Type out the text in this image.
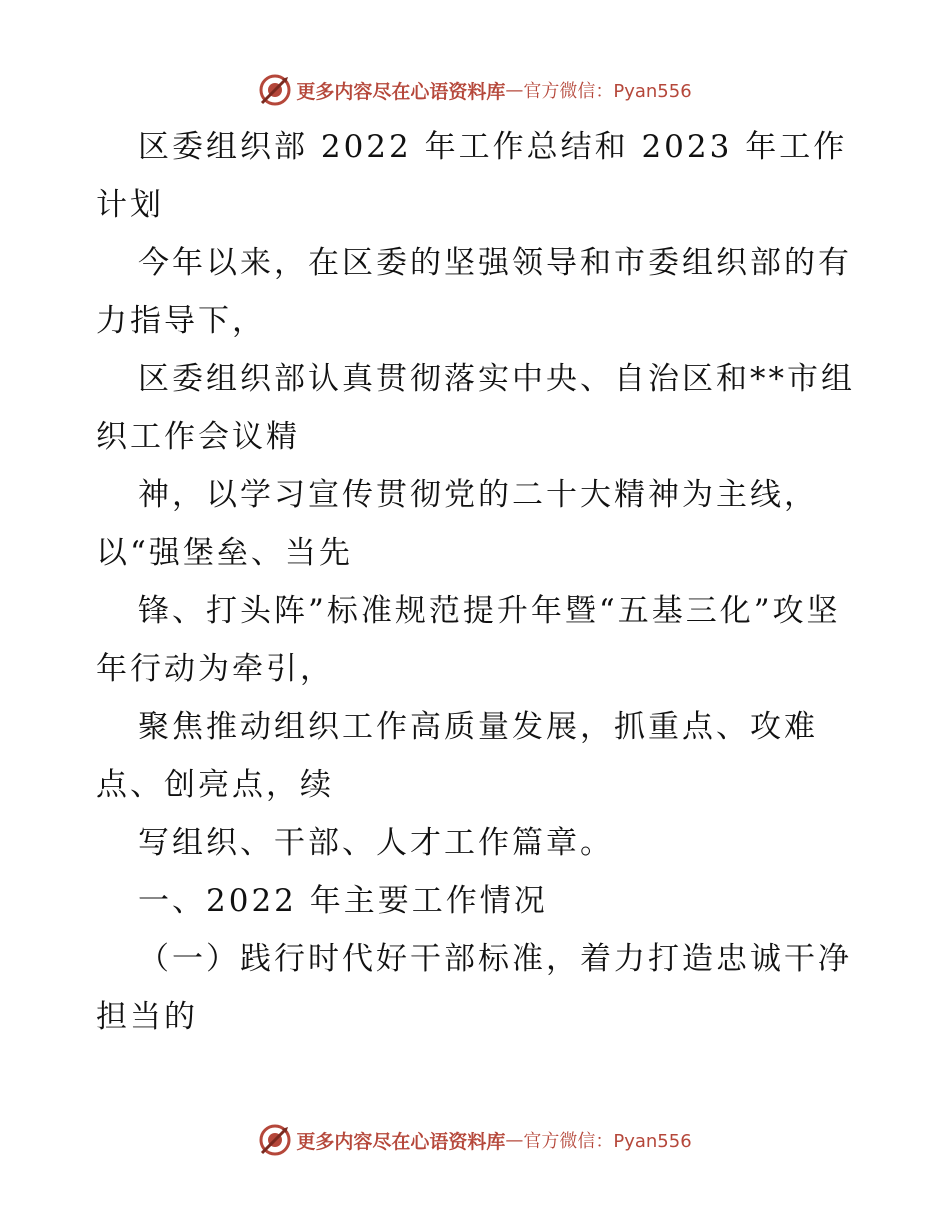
更多内容尽在心语资料库 — 官方微信：Pyan556

区委组织部 2022 年工作总结和 2023 年工作计划

今年以来，在区委的坚强领导和市委组织部的有力指导下，

区委组织部认真贯彻落实中央、自治区和**市组织工作会议精

神，以学习宣传贯彻党的二十大精神为主线，以“强堡垒、当先

锋、打头阵”标准规范提升年暨“五基三化”攻坚年行动为牵引，

聚焦推动组织工作高质量发展，抓重点、攻难点、创亮点，续

写组织、干部、人才工作篇章。

一、2022 年主要工作情况

（一）践行时代好干部标准，着力打造忠诚干净担当的

更多内容尽在心语资料库 — 官方微信：Pyan556
